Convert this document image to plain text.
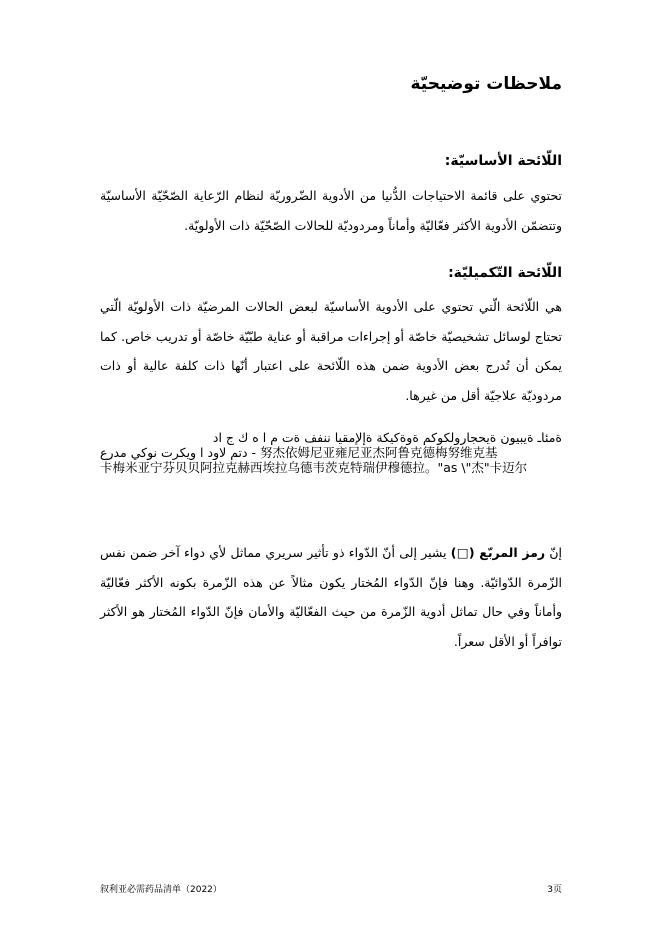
ملاحظات توضيحيّة
اللّائحة الأساسيّة:
تحتوي على قائمة الاحتياجات الدُّنيا من الأدوية الضّروريّة لنظام الرّعاية الصّحّيّة الأساسيّة وتتضمّن الأدوية الأكثر فعّاليّة وأماناً ومردوديّة للحالات الصّحّيّة ذات الأولويّة.
اللّائحة التّكميليّة:
هي اللّائحة الّتي تحتوي على الأدوية الأساسيّة لبعض الحالات المرضيّة ذات الأولويّة الّتي تحتاج لوسائل تشخيصيّة خاصّة أو إجراءات مراقبة أو عناية طبّيّة خاصّة أو تدريب خاص. كما يمكن أن تُدرج بعض الأدوية ضمن هذه اللّائحة على اعتبار أنّها ذات كلفة عالية أو ذات مردوديّة علاجيّة أقل من غيرها.
ةمئاـ ةيبيون ةيحجارولكوكم ةوةكيكة ةإلإمقيا ننفف ةت م ا ه ك ج اد
دتم لاود ا ويكرت نوكي مدرع - 努杰依姆尼亚雍尼亚杰阿鲁克德梅努维克基
卡梅米亚宁芬贝贝阿拉克赫西埃拉乌德韦茨克特瑞伊穆德拉。"as \"杰"卡迈尔
إنّ رمز المربّع (□) يشير إلى أنّ الدّواء ذو تأثير سريري مماثل لأي دواء آخر ضمن نفس الزّمرة الدّوائيّة. وهنا فإنّ الدّواء المُختار يكون مثالاً عن هذه الزّمرة بكونه الأكثر فعّاليّة وأماناً وفي حال تماثل أدوية الزّمرة من حيث الفعّاليّة والأمان فإنّ الدّواء المُختار هو الأكثر توافراً أو الأقل سعراً.
叙利亚必需药品清单（2022）	3页
